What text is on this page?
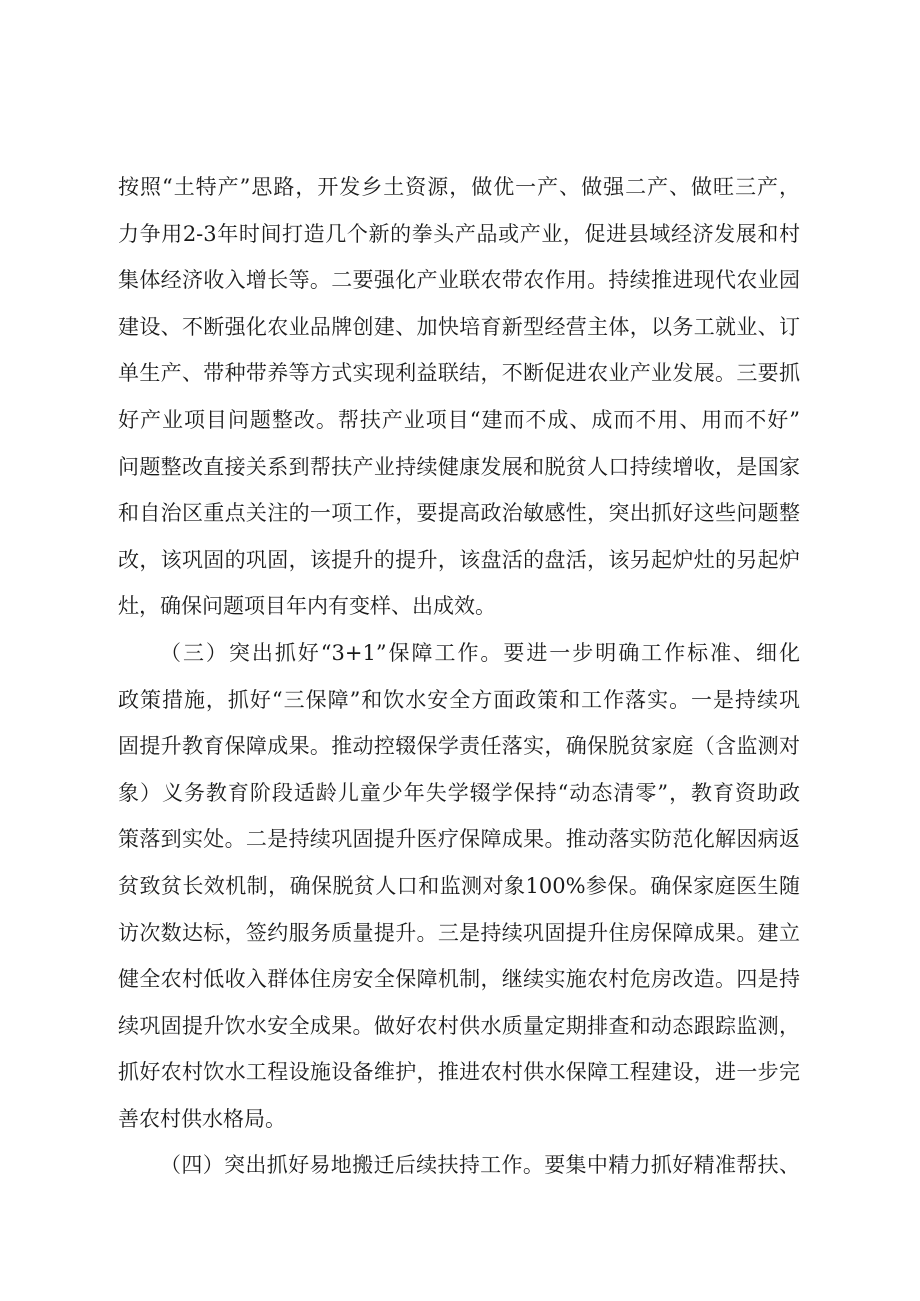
按照“土特产”思路，开发乡土资源，做优一产、做强二产、做旺三产，
力争用2-3年时间打造几个新的拳头产品或产业，促进县域经济发展和村
集体经济收入增长等。二要强化产业联农带农作用。持续推进现代农业园
建设、不断强化农业品牌创建、加快培育新型经营主体，以务工就业、订
单生产、带种带养等方式实现利益联结，不断促进农业产业发展。三要抓
好产业项目问题整改。帮扶产业项目“建而不成、成而不用、用而不好”
问题整改直接关系到帮扶产业持续健康发展和脱贫人口持续增收，是国家
和自治区重点关注的一项工作，要提高政治敏感性，突出抓好这些问题整
改，该巩固的巩固，该提升的提升，该盘活的盘活，该另起炉灶的另起炉
灶，确保问题项目年内有变样、出成效。
（三）突出抓好“3+1”保障工作。要进一步明确工作标准、细化
政策措施，抓好“三保障”和饮水安全方面政策和工作落实。一是持续巩
固提升教育保障成果。推动控辍保学责任落实，确保脱贫家庭（含监测对
象）义务教育阶段适龄儿童少年失学辍学保持“动态清零”，教育资助政
策落到实处。二是持续巩固提升医疗保障成果。推动落实防范化解因病返
贫致贫长效机制，确保脱贫人口和监测对象100%参保。确保家庭医生随
访次数达标，签约服务质量提升。三是持续巩固提升住房保障成果。建立
健全农村低收入群体住房安全保障机制，继续实施农村危房改造。四是持
续巩固提升饮水安全成果。做好农村供水质量定期排查和动态跟踪监测，
抓好农村饮水工程设施设备维护，推进农村供水保障工程建设，进一步完
善农村供水格局。
（四）突出抓好易地搬迁后续扶持工作。要集中精力抓好精准帮扶、
